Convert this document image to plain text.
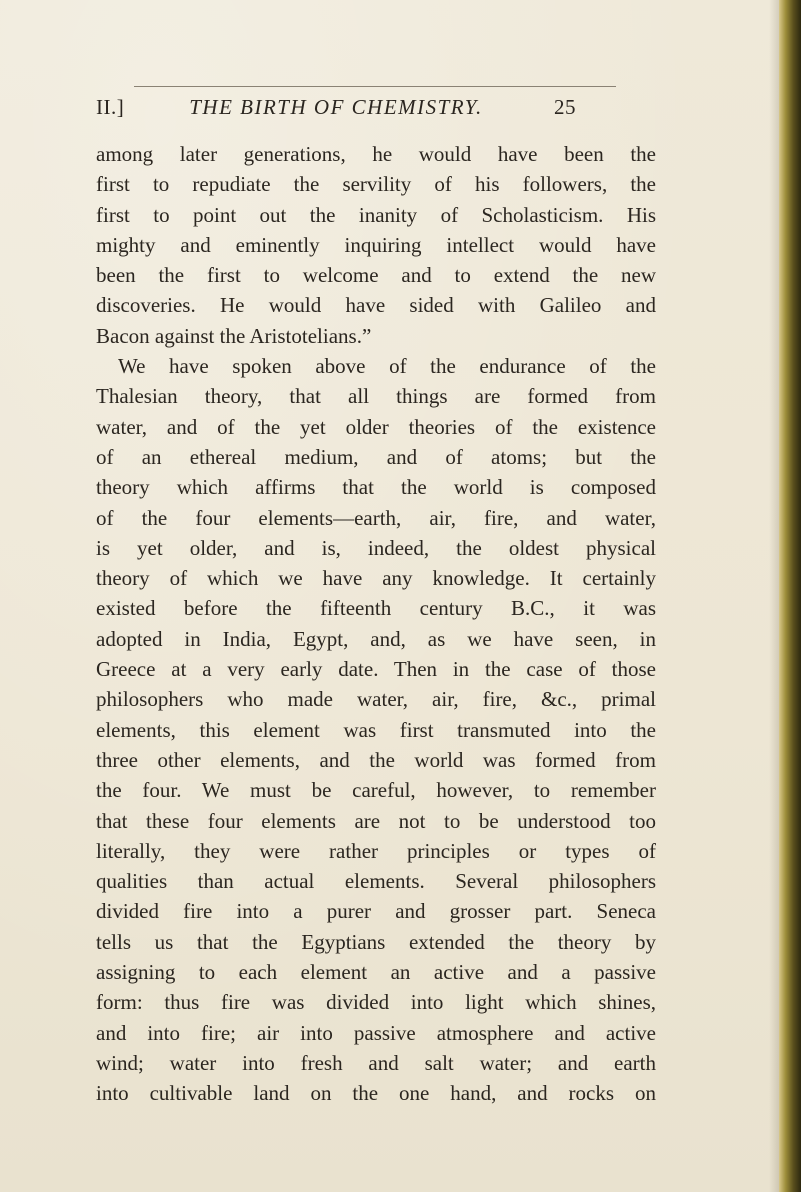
II.]	THE BIRTH OF CHEMISTRY.	25
among later generations, he would have been the
first to repudiate the servility of his followers, the
first to point out the inanity of Scholasticism. His
mighty and eminently inquiring intellect would have
been the first to welcome and to extend the new
discoveries. He would have sided with Galileo and
Bacon against the Aristotelians.”
We have spoken above of the endurance of the
Thalesian theory, that all things are formed from
water, and of the yet older theories of the existence
of an ethereal medium, and of atoms; but the
theory which affirms that the world is composed
of the four elements—earth, air, fire, and water,
is yet older, and is, indeed, the oldest physical
theory of which we have any knowledge. It certainly
existed before the fifteenth century B.C., it was
adopted in India, Egypt, and, as we have seen, in
Greece at a very early date. Then in the case of those
philosophers who made water, air, fire, &c., primal
elements, this element was first transmuted into the
three other elements, and the world was formed from
the four. We must be careful, however, to remember
that these four elements are not to be understood too
literally, they were rather principles or types of
qualities than actual elements. Several philosophers
divided fire into a purer and grosser part. Seneca
tells us that the Egyptians extended the theory by
assigning to each element an active and a passive
form: thus fire was divided into light which shines,
and into fire; air into passive atmosphere and active
wind; water into fresh and salt water; and earth
into cultivable land on the one hand, and rocks on
